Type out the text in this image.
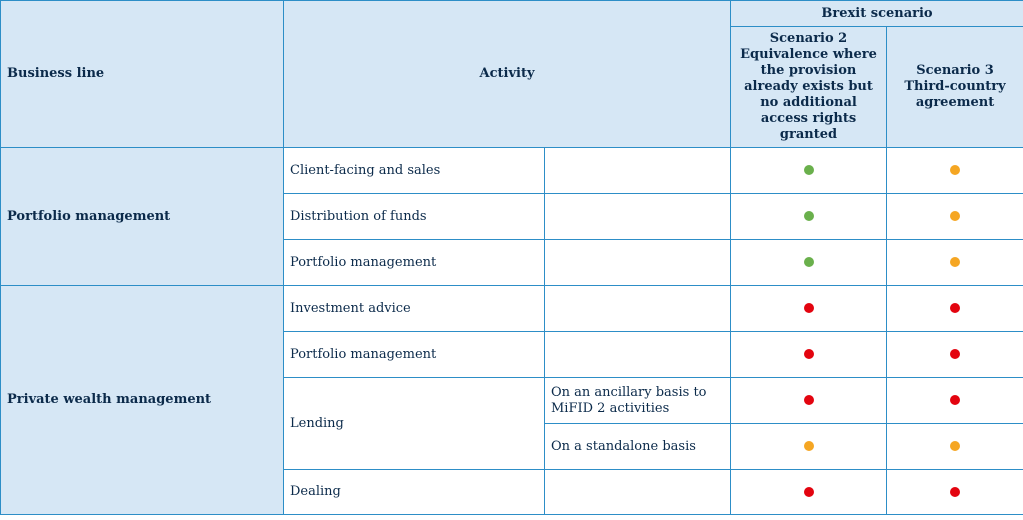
Business line	Activity		Brexit scenario	
			Scenario 2 Equivalence where the provision already exists but no additional access rights granted	Scenario 3 Third-country agreement
Portfolio management	Client-facing and sales			
	Distribution of funds			
	Portfolio management			
Private wealth management	Investment advice			
	Portfolio management			
	Lending	On an ancillary basis to MiFID 2 activities		
		On a standalone basis		
	Dealing			
